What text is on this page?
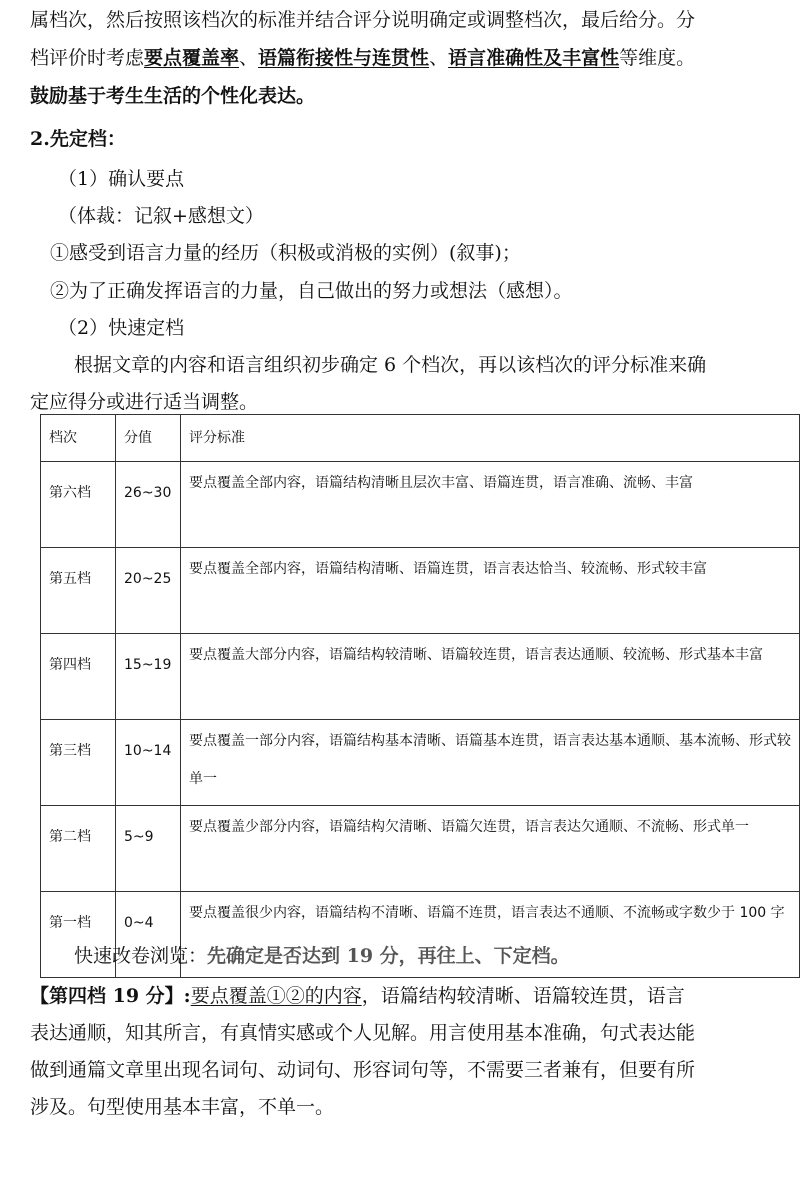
属档次，然后按照该档次的标准并结合评分说明确定或调整档次，最后给分。分
档评价时考虑要点覆盖率、语篇衔接性与连贯性、语言准确性及丰富性等维度。
鼓励基于考生生活的个性化表达。
2.先定档：
（1）确认要点
（体裁：记叙+感想文）
①感受到语言力量的经历（积极或消极的实例）(叙事)；
②为了正确发挥语言的力量，自己做出的努力或想法（感想）。
（2）快速定档
根据文章的内容和语言组织初步确定 6 个档次，再以该档次的评分标准来确
定应得分或进行适当调整。
档次	分值	评分标准
第六档	26~30	要点覆盖全部内容，语篇结构清晰且层次丰富、语篇连贯，语言准确、流畅、丰富

第五档	20~25	要点覆盖全部内容，语篇结构清晰、语篇连贯，语言表达恰当、较流畅、形式较丰富

第四档	15~19	要点覆盖大部分内容，语篇结构较清晰、语篇较连贯，语言表达通顺、较流畅、形式基本丰富

第三档	10~14	要点覆盖一部分内容，语篇结构基本清晰、语篇基本连贯，语言表达基本通顺、基本流畅、形式较单一

第二档	5~9	要点覆盖少部分内容，语篇结构欠清晰、语篇欠连贯，语言表达欠通顺、不流畅、形式单一

第一档	0~4	要点覆盖很少内容，语篇结构不清晰、语篇不连贯，语言表达不通顺、不流畅或字数少于 100 字
快速改卷浏览：先确定是否达到 19 分，再往上、下定档。
【第四档 19 分】:要点覆盖①②的内容，语篇结构较清晰、语篇较连贯，语言
表达通顺，知其所言，有真情实感或个人见解。用言使用基本准确，句式表达能
做到通篇文章里出现名词句、动词句、形容词句等，不需要三者兼有，但要有所
涉及。句型使用基本丰富，不单一。
